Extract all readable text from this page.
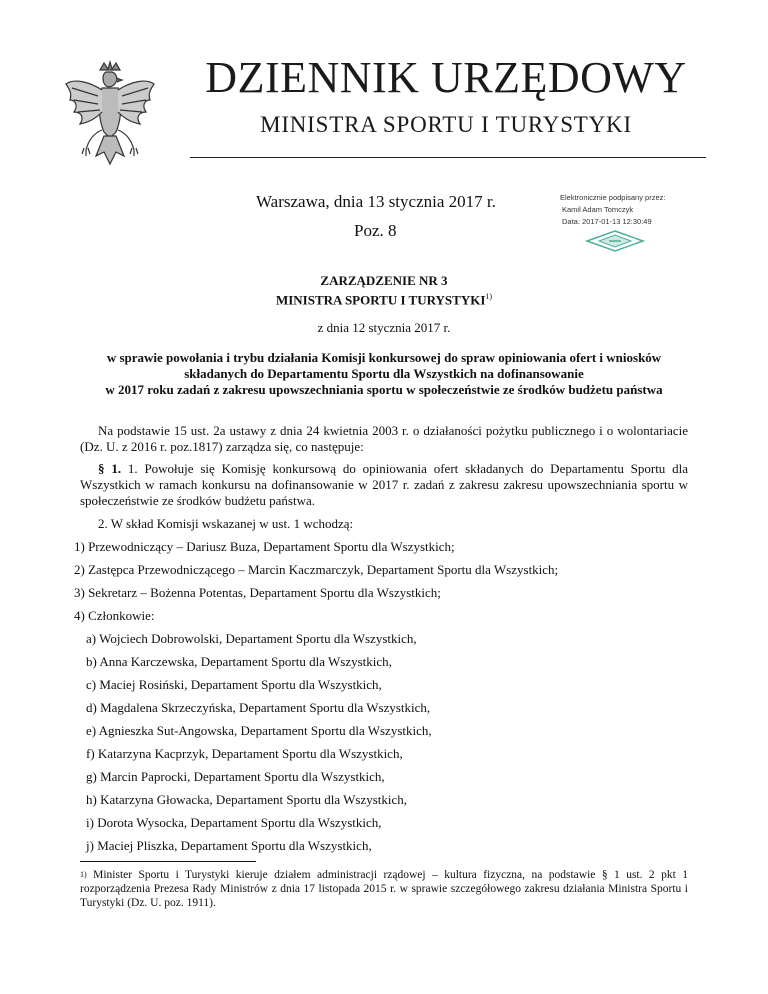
DZIENNIK URZĘDOWY
MINISTRA SPORTU I TURYSTYKI
Warszawa, dnia 13 stycznia 2017 r.
Poz. 8
Elektronicznie podpisany przez:
Kamil Adam Tomczyk
Data: 2017-01-13 12:30:49
ZARZĄDZENIE NR 3
MINISTRA SPORTU I TURYSTYKI$^{1)}$
z dnia 12 stycznia 2017 r.
w sprawie powołania i trybu działania Komisji konkursowej do spraw opiniowania ofert i wniosków
składanych do Departamentu Sportu dla Wszystkich na dofinansowanie
w 2017 roku zadań z zakresu upowszechniania sportu w społeczeństwie ze środków budżetu państwa
Na podstawie 15 ust. 2a ustawy z dnia 24 kwietnia 2003 r. o działaności pożytku publicznego i o wolontariacie (Dz. U. z 2016 r. poz.1817) zarządza się, co następuje:
§ 1. 1. Powołuje się Komisję konkursową do opiniowania ofert składanych do Departamentu Sportu dla Wszystkich w ramach konkursu na dofinansowanie w 2017 r. zadań z zakresu zakresu upowszechniania sportu w społeczeństwie ze środków budżetu państwa.
2. W skład Komisji wskazanej w ust. 1 wchodzą:
1) Przewodniczący – Dariusz Buza, Departament Sportu dla Wszystkich;
2) Zastępca Przewodniczącego – Marcin Kaczmarczyk, Departament Sportu dla Wszystkich;
3) Sekretarz – Bożenna Potentas, Departament Sportu dla Wszystkich;
4) Członkowie:
a) Wojciech Dobrowolski, Departament Sportu dla Wszystkich,
b) Anna Karczewska, Departament Sportu dla Wszystkich,
c) Maciej Rosiński, Departament Sportu dla Wszystkich,
d) Magdalena Skrzeczyńska, Departament Sportu dla Wszystkich,
e) Agnieszka Sut-Angowska, Departament Sportu dla Wszystkich,
f) Katarzyna Kacprzyk, Departament Sportu dla Wszystkich,
g) Marcin Paprocki, Departament Sportu dla Wszystkich,
h) Katarzyna Głowacka, Departament Sportu dla Wszystkich,
i) Dorota Wysocka, Departament Sportu dla Wszystkich,
j) Maciej Pliszka, Departament Sportu dla Wszystkich,
$^{1)}$ Minister Sportu i Turystyki kieruje działem administracji rządowej – kultura fizyczna, na podstawie § 1 ust. 2 pkt 1 rozporządzenia Prezesa Rady Ministrów z dnia 17 listopada 2015 r. w sprawie szczegółowego zakresu działania Ministra Sportu i Turystyki (Dz. U. poz. 1911).
